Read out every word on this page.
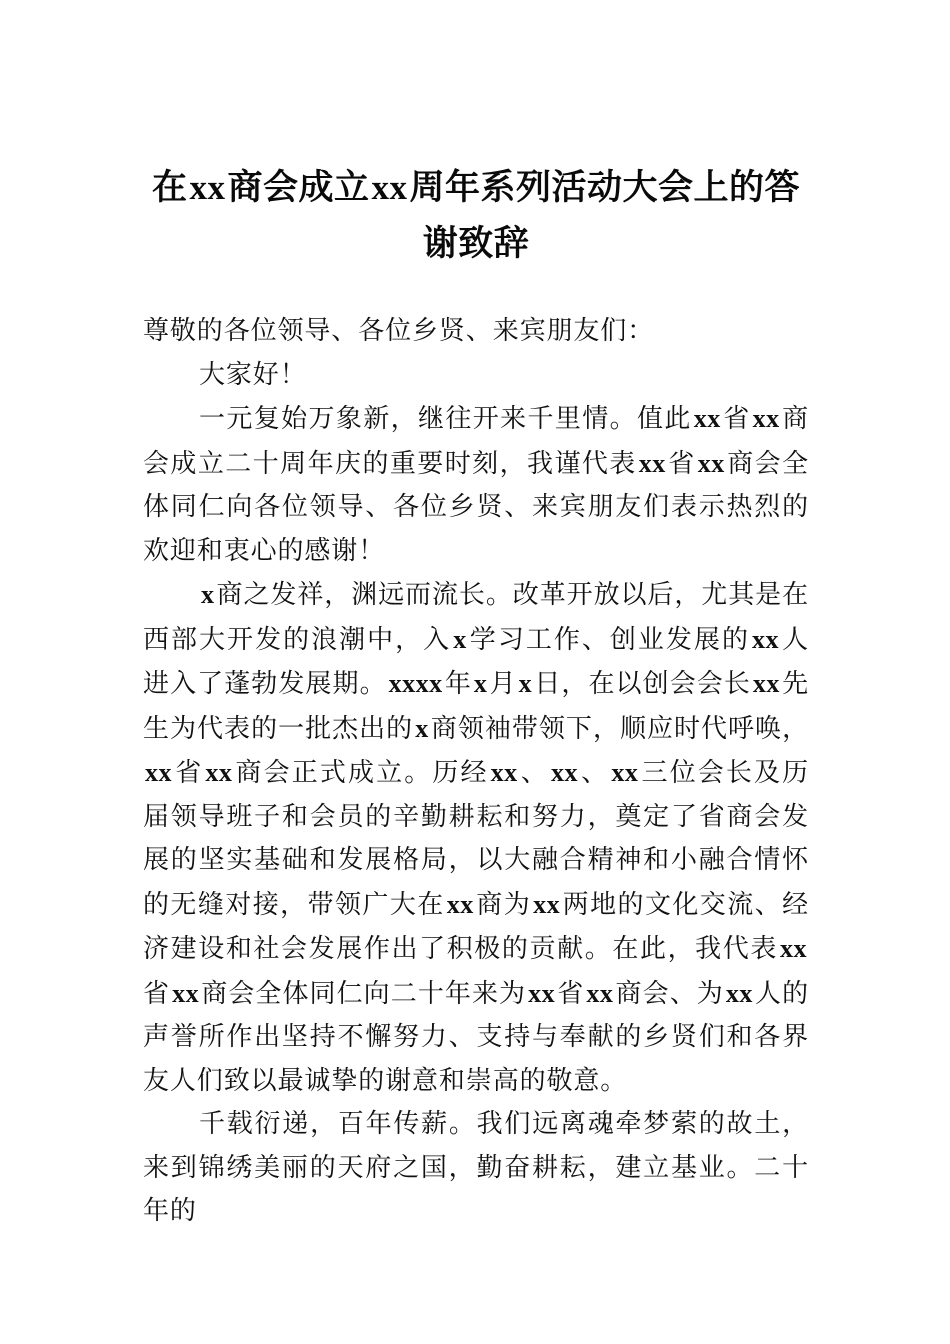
在xx商会成立xx周年系列活动大会上的答谢致辞

尊敬的各位领导、各位乡贤、来宾朋友们：

大家好！

一元复始万象新，继往开来千里情。值此xx省xx商会成立二十周年庆的重要时刻，我谨代表xx省xx商会全体同仁向各位领导、各位乡贤、来宾朋友们表示热烈的欢迎和衷心的感谢！

x商之发祥，渊远而流长。改革开放以后，尤其是在西部大开发的浪潮中，入x学习工作、创业发展的xx人进入了蓬勃发展期。xxxx年x月x日，在以创会会长xx先生为代表的一批杰出的x商领袖带领下，顺应时代呼唤，xx省xx商会正式成立。历经xx、xx、xx三位会长及历届领导班子和会员的辛勤耕耘和努力，奠定了省商会发展的坚实基础和发展格局，以大融合精神和小融合情怀的无缝对接，带领广大在xx商为xx两地的文化交流、经济建设和社会发展作出了积极的贡献。在此，我代表xx省xx商会全体同仁向二十年来为xx省xx商会、为xx人的声誉所作出坚持不懈努力、支持与奉献的乡贤们和各界友人们致以最诚挚的谢意和崇高的敬意。

千载衍递，百年传薪。我们远离魂牵梦萦的故土，来到锦绣美丽的天府之国，勤奋耕耘，建立基业。二十年的
